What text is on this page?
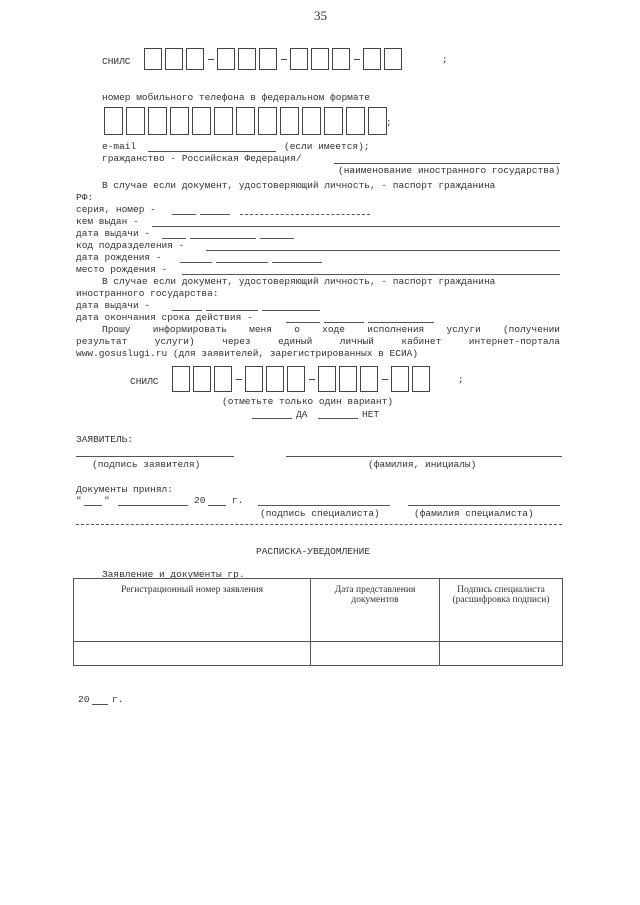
35
СНИЛС	;
номер мобильного телефона в федеральном формате
;
e-mail	(если имеется);
гражданство - Российская Федерация/
(наименование иностранного государства)
В случае если документ, удостоверяющий личность, - паспорт гражданина
РФ:
серия, номер -
кем выдан -
дата выдачи -
код подразделения -
дата рождения -
место рождения -
В случае если документ, удостоверяющий личность, - паспорт гражданина
иностранного государства:
дата выдачи -
дата окончания срока действия -
Прошу информировать меня о ходе исполнения услуги (получении
результат услуги) через единый личный кабинет интернет-портала
www.gosuslugi.ru (для заявителей, зарегистрированных в ЕСИА)
СНИЛС	;
(отметьте только один вариант)
ДА	НЕТ
ЗАЯВИТЕЛЬ:
(подпись заявителя)	(фамилия, инициалы)
Документы принял:
" "	20	г.
(подпись специалиста)	(фамилия специалиста)
РАСПИСКА-УВЕДОМЛЕНИЕ
Заявление и документы гр.
Регистрационный номер заявления	Дата представления документов	Подпись специалиста (расшифровка подписи)

20 г.
